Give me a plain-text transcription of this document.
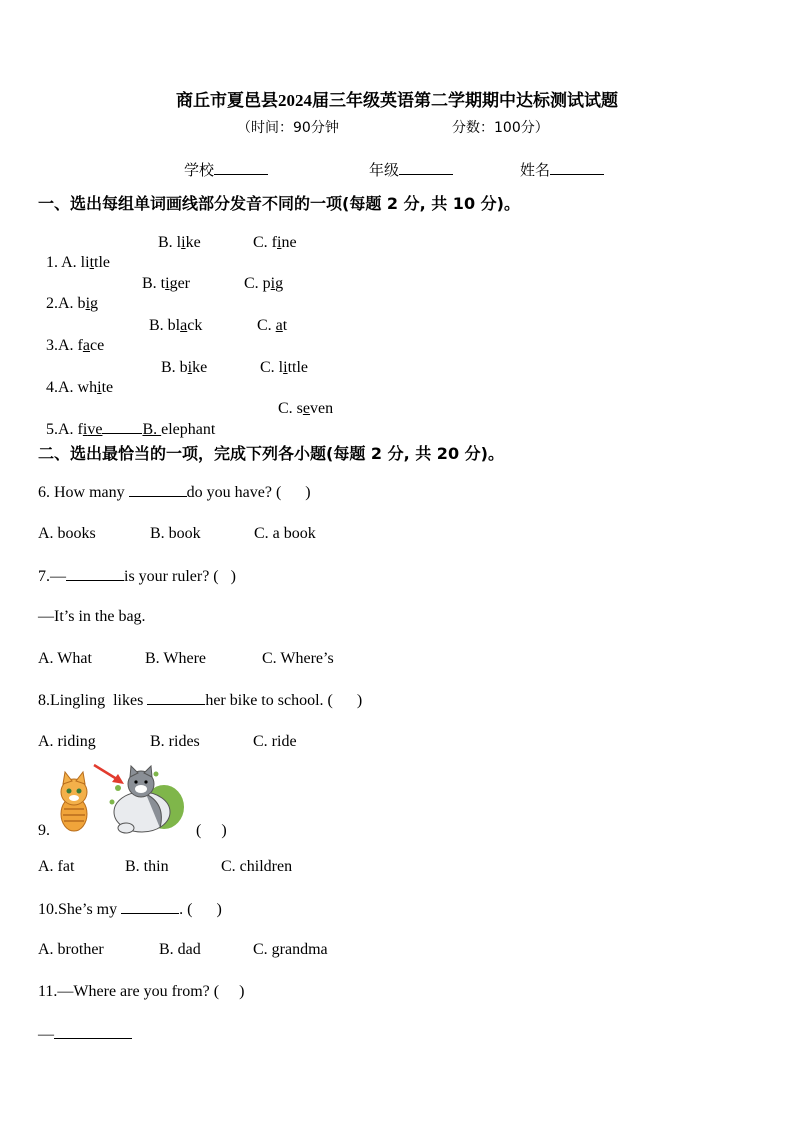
商丘市夏邑县2024届三年级英语第二学期期中达标测试试题
（时间：90分钟	分数：100分）
学校	年级	姓名
一、选出每组单词画线部分发音不同的一项(每题 2 分, 共 10 分)。

1. A. little

B. like	C. fine

2.A. big

B. tiger	C. pig

3.A. face

B. black	C. at

4.A. white

B. bike	C. little

5.A. five	B. elephant

C. seven
二、选出最恰当的一项，完成下列各小题(每题 2 分, 共 20 分)。
6. How many	do you have? (      )
A. books	B. book	C. a book
7.—	is your ruler? (   )
—It’s in the bag.
A. What	B. Where	C. Where’s
8.Lingling  likes	her bike to school. (      )
A. riding	B. rides	C. ride
9.	(     )
A. fat	B. thin	C. children
10.She’s my	. (      )
A. brother	B. dad	C. grandma
11.—Where are you from? (     )
—
